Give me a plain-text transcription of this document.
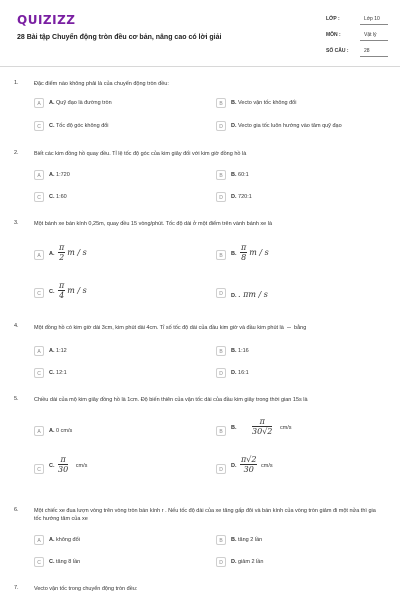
QUIZIZZ
28 Bài tập Chuyển động tròn đều cơ bản, nâng cao có lời giải
LỚP :	Lớp 10
MÔN :	Vật lý
SỐ CÂU :	28
1.	Đặc điểm nào không phải là của chuyển động tròn đều:
A	A. Quỹ đạo là đường tròn	B	B. Vecto vận tốc không đổi
C	C. Tốc độ góc không đổi	D	D. Vecto gia tốc luôn hướng vào tâm quỹ đạo
2.	Biết các kim đồng hồ quay đều. Tỉ lệ tốc độ góc của kim giây đối với kim giờ đồng hồ là
A	A. 1:720	B	B. 60:1
C	C. 1:60	D	D. 720:1
3.	Một bánh xe bán kính 0,25m, quay đều 15 vòng/phút. Tốc độ dài ở một điểm trên vành bánh xe là
A	A. $\frac{\pi}{2}$ m / s	B	B. $\frac{\pi}{8}$ m / s
C	C. $\frac{\pi}{4}$ m / s	D	D. . πm / s
4.	Một đồng hồ có kim giờ dài 3cm, kim phút dài 4cm. Tỉ số tốc độ dài của đầu kim giờ và đầu kim phút là

bằng
A	A. 1:12	B	B. 1:16
C	C. 12:1	D	D. 16:1
5.	Chiều dài của mộ kim giây đồng hồ là 1cm. Độ biến thiên của vận tốc dài của đầu kim giây trong thời gian 15s là
A	A. 0 cm/s	B
B. $\frac{\pi}{30√2} cm/s$
C
C. $\frac{\pi}{30} cm/s$
D
D. $\frac{\pi√2}{30} cm/s$
6.	Một chiếc xe đua lượn vòng trên vòng tròn bán kính r . Nếu tốc độ dài của xe tăng gấp đôi và bán kính của vòng tròn giảm đi một nửa thì gia tốc hướng tâm của xe
A	A. không đổi	B	B. tăng 2 lần
C	C. tăng 8 lần	D	D. giảm 2 lần
7.	Vecto vận tốc trong chuyển động tròn đều:
